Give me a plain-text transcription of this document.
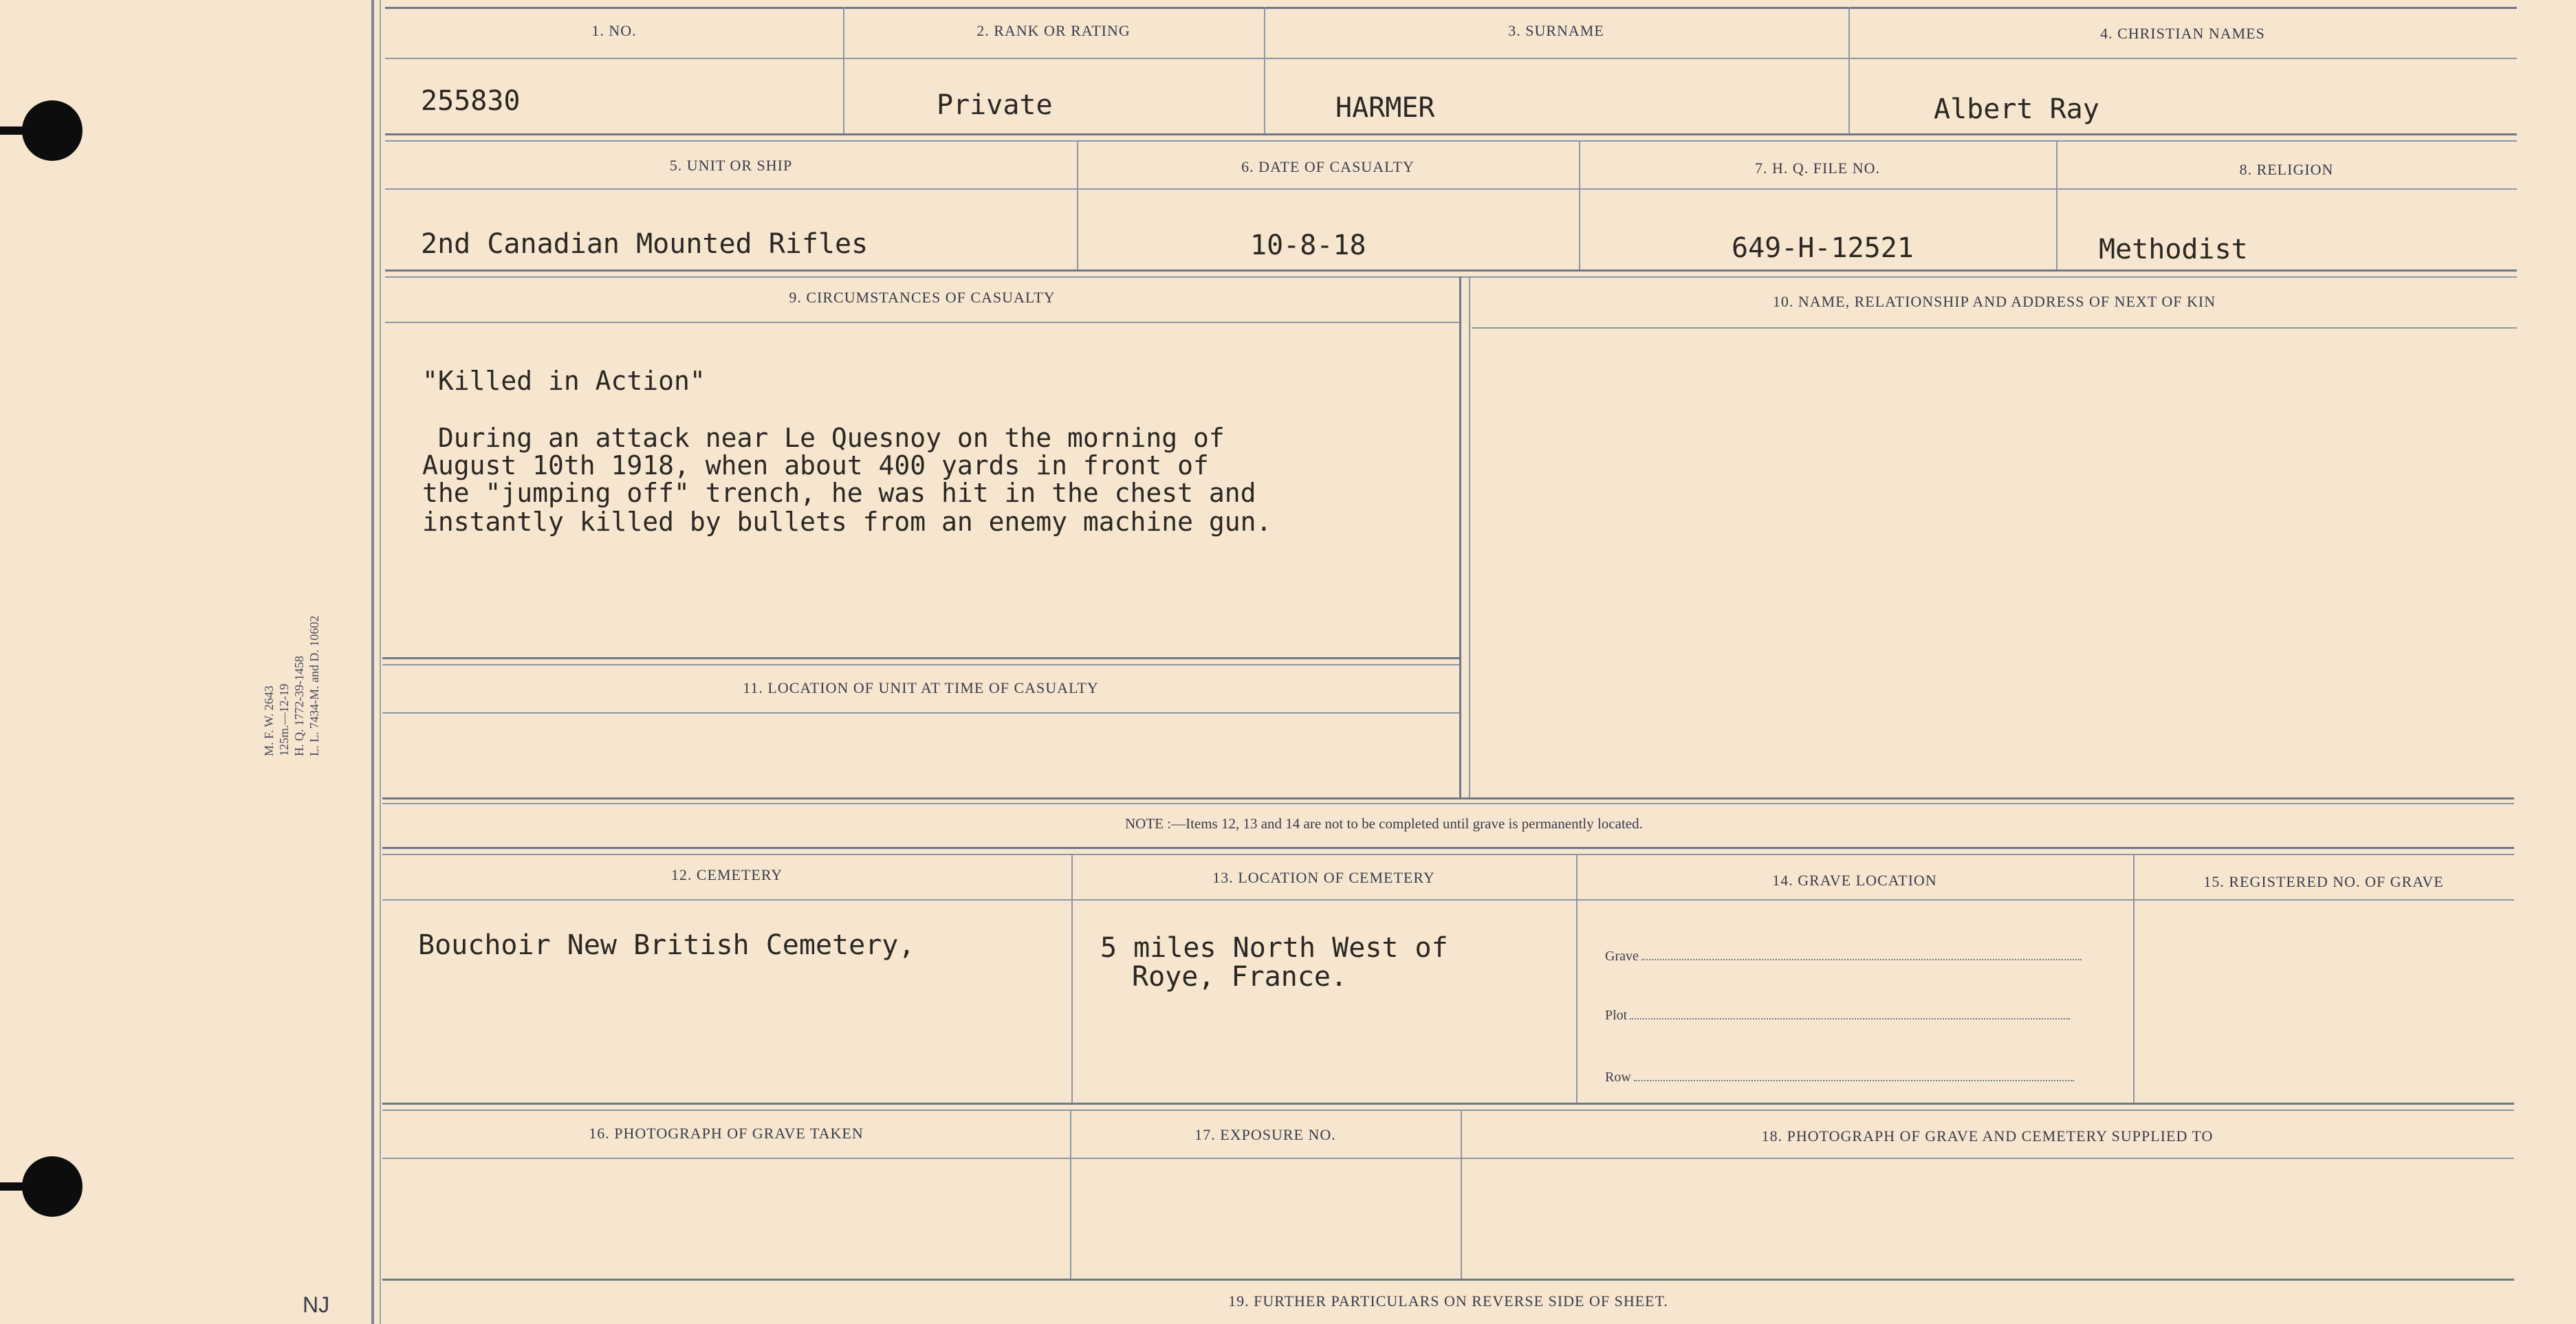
M. F. W. 2643 125m.—12-19 H. Q. 1772-39-1458 L. L. 7434-M. and D. 10602
NJ
1. NO.	2. RANK OR RATING	3. SURNAME	4. CHRISTIAN NAMES
255830	Private	HARMER	Albert Ray
5. UNIT OR SHIP	6. DATE OF CASUALTY	7. H. Q. FILE NO.	8. RELIGION
2nd Canadian Mounted Rifles	10-8-18	649-H-12521	Methodist
9. CIRCUMSTANCES OF CASUALTY	10. NAME, RELATIONSHIP AND ADDRESS OF NEXT OF KIN
"Killed in Action"
During an attack near Le Quesnoy on the morning of
August 10th 1918, when about 400 yards in front of
the "jumping off" trench, he was hit in the chest and
instantly killed by bullets from an enemy machine gun.
11. LOCATION OF UNIT AT TIME OF CASUALTY
NOTE :—Items 12, 13 and 14 are not to be completed until grave is permanently located.
12. CEMETERY	13. LOCATION OF CEMETERY	14. GRAVE LOCATION	15. REGISTERED NO. OF GRAVE
Bouchoir New British Cemetery,	5 miles North West of
Roye, France.
Grave
Plot
Row
16. PHOTOGRAPH OF GRAVE TAKEN	17. EXPOSURE NO.	18. PHOTOGRAPH OF GRAVE AND CEMETERY SUPPLIED TO
19. FURTHER PARTICULARS ON REVERSE SIDE OF SHEET.
